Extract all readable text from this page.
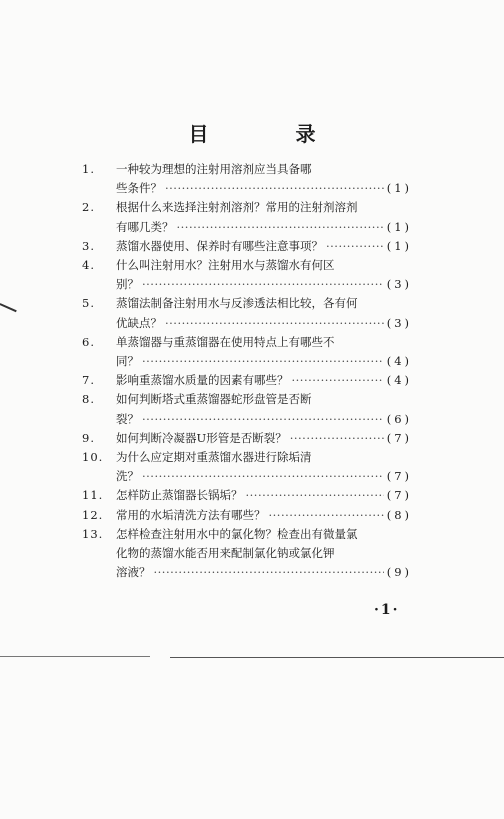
目 录
1.	一种较为理想的注射用溶剂应当具备哪
些条件？ ·····	(1)
2.	根据什么来选择注射剂溶剂？常用的注射剂溶剂
有哪几类？ ·····	(1)
3.	蒸馏水器使用、保养时有哪些注意事项？ ·····	(1)
4.	什么叫注射用水？注射用水与蒸馏水有何区
别？ ·····	(3)
5.	蒸馏法制备注射用水与反渗透法相比较，各有何
优缺点？ ·····	(3)
6.	单蒸馏器与重蒸馏器在使用特点上有哪些不
同？ ·····	(4)
7.	影响重蒸馏水质量的因素有哪些？ ·····	(4)
8.	如何判断塔式重蒸馏器蛇形盘管是否断
裂？ ·····	(6)
9.	如何判断冷凝器U形管是否断裂？ ·····	(7)
10.	为什么应定期对重蒸馏水器进行除垢清
洗？ ·····	(7)
11.	怎样防止蒸馏器长锅垢？ ·····	(7)
12.	常用的水垢清洗方法有哪些？ ·····	(8)
13.	怎样检查注射用水中的氯化物？检查出有微量氯
化物的蒸馏水能否用来配制氯化钠或氯化钾
溶液？ ·····	(9)
·1·
